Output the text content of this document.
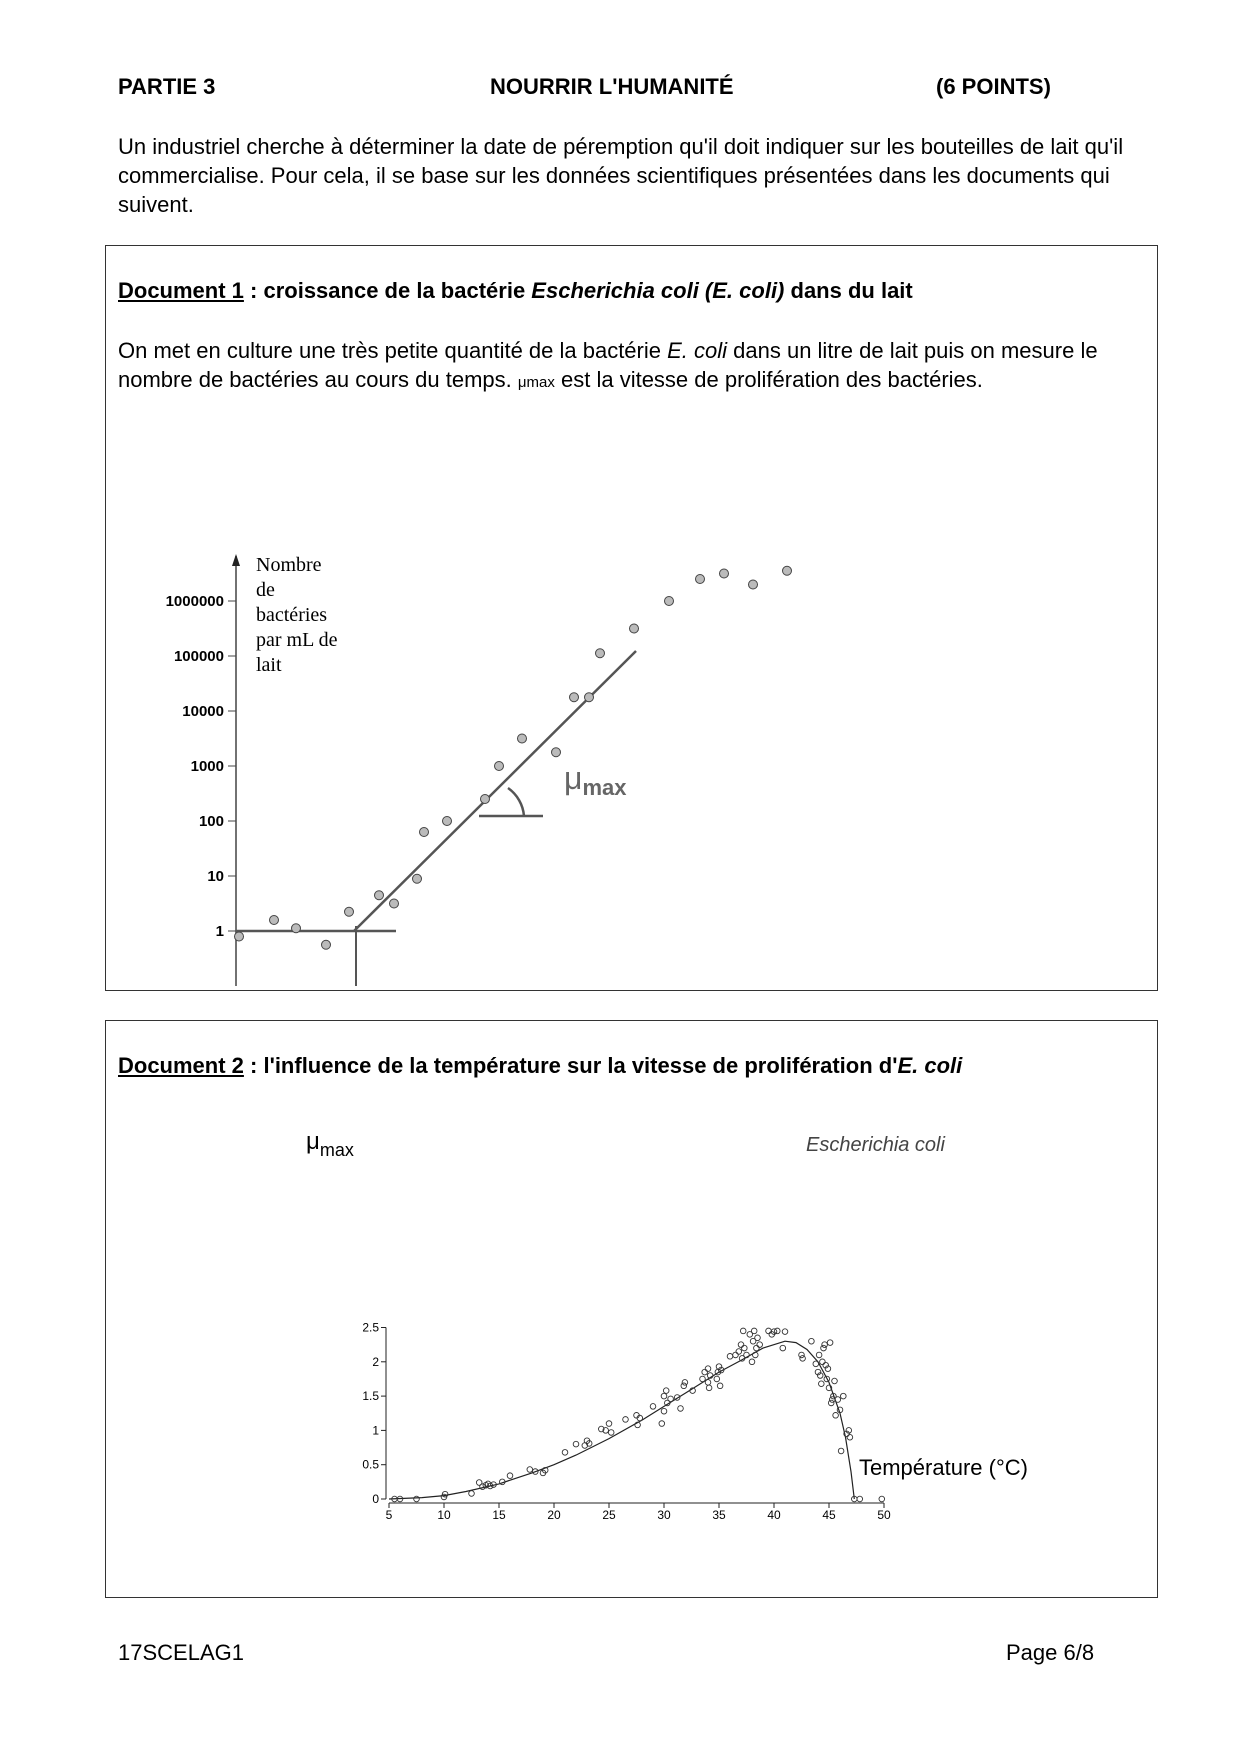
PARTIE 3	NOURRIR L'HUMANITÉ	(6 POINTS)
Un industriel cherche à déterminer la date de péremption qu'il doit indiquer sur les bouteilles de lait qu'il commercialise. Pour cela, il se base sur les données scientifiques présentées dans les documents qui suivent.
Document 1 : croissance de la bactérie Escherichia coli (E. coli) dans du lait
On met en culture une très petite quantité de la bactérie E. coli dans un litre de lait puis on mesure le nombre de bactéries au cours du temps. μmax est la vitesse de prolifération des bactéries.
1
10
100
1000
10000
100000
1000000
Nombre
de
bactéries
par mL de
lait
μmax
Document 2 : l'influence de la température sur la vitesse de prolifération d'E. coli
0
0.5
1
1.5
2
2.5
5	10	15	20	25	30	35	40	45	50
$\mu_{max}$	Escherichia coli
Température (°C)
17SCELAG1	Page 6/8
